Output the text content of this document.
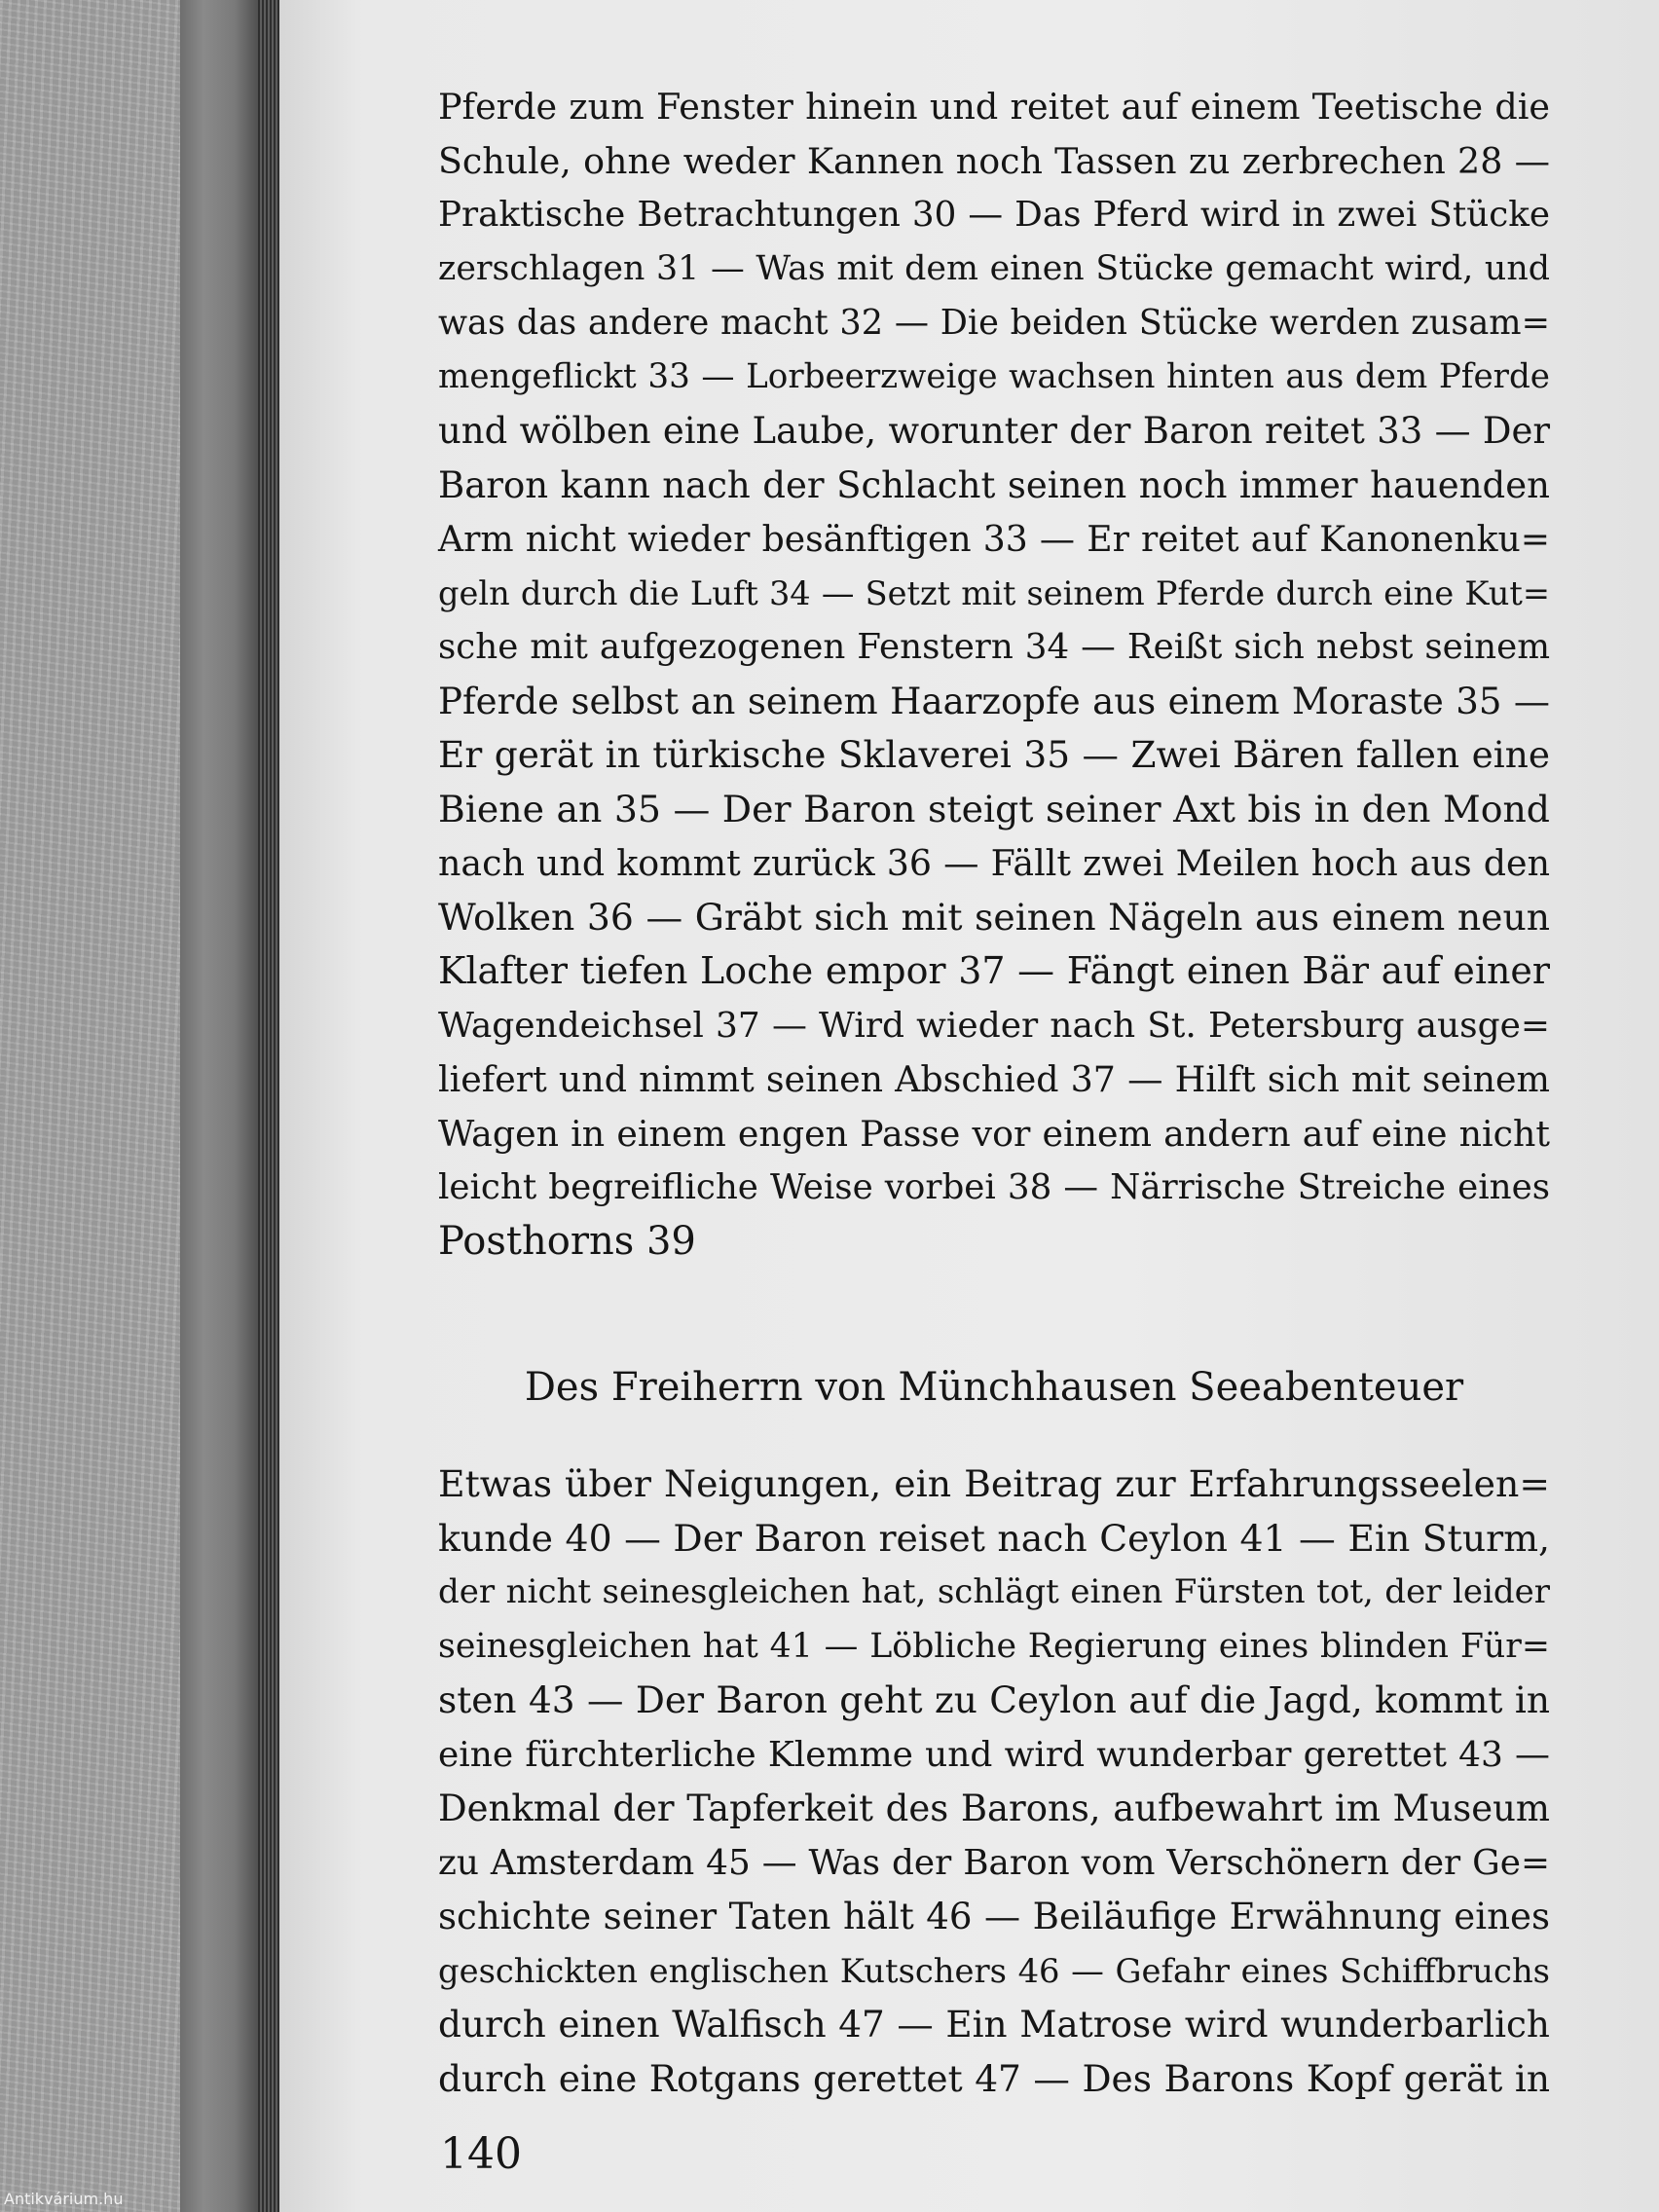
Pferde zum Fenster hinein und reitet auf einem Teetische die
Schule, ohne weder Kannen noch Tassen zu zerbrechen 28 —
Praktische Betrachtungen 30 — Das Pferd wird in zwei Stücke
zerschlagen 31 — Was mit dem einen Stücke gemacht wird, und
was das andere macht 32 — Die beiden Stücke werden zusam=
mengeflickt 33 — Lorbeerzweige wachsen hinten aus dem Pferde
und wölben eine Laube, worunter der Baron reitet 33 — Der
Baron kann nach der Schlacht seinen noch immer hauenden
Arm nicht wieder besänftigen 33 — Er reitet auf Kanonenku=
geln durch die Luft 34 — Setzt mit seinem Pferde durch eine Kut=
sche mit aufgezogenen Fenstern 34 — Reißt sich nebst seinem
Pferde selbst an seinem Haarzopfe aus einem Moraste 35 —
Er gerät in türkische Sklaverei 35 — Zwei Bären fallen eine
Biene an 35 — Der Baron steigt seiner Axt bis in den Mond
nach und kommt zurück 36 — Fällt zwei Meilen hoch aus den
Wolken 36 — Gräbt sich mit seinen Nägeln aus einem neun
Klafter tiefen Loche empor 37 — Fängt einen Bär auf einer
Wagendeichsel 37 — Wird wieder nach St. Petersburg ausge=
liefert und nimmt seinen Abschied 37 — Hilft sich mit seinem
Wagen in einem engen Passe vor einem andern auf eine nicht
leicht begreifliche Weise vorbei 38 — Närrische Streiche eines
Posthorns 39
Des Freiherrn von Münchhausen Seeabenteuer
Etwas über Neigungen, ein Beitrag zur Erfahrungsseelen=
kunde 40 — Der Baron reiset nach Ceylon 41 — Ein Sturm,
der nicht seinesgleichen hat, schlägt einen Fürsten tot, der leider
seinesgleichen hat 41 — Löbliche Regierung eines blinden Für=
sten 43 — Der Baron geht zu Ceylon auf die Jagd, kommt in
eine fürchterliche Klemme und wird wunderbar gerettet 43 —
Denkmal der Tapferkeit des Barons, aufbewahrt im Museum
zu Amsterdam 45 — Was der Baron vom Verschönern der Ge=
schichte seiner Taten hält 46 — Beiläufige Erwähnung eines
geschickten englischen Kutschers 46 — Gefahr eines Schiffbruchs
durch einen Walfisch 47 — Ein Matrose wird wunderbarlich
durch eine Rotgans gerettet 47 — Des Barons Kopf gerät in
140
Antikvárium.hu
